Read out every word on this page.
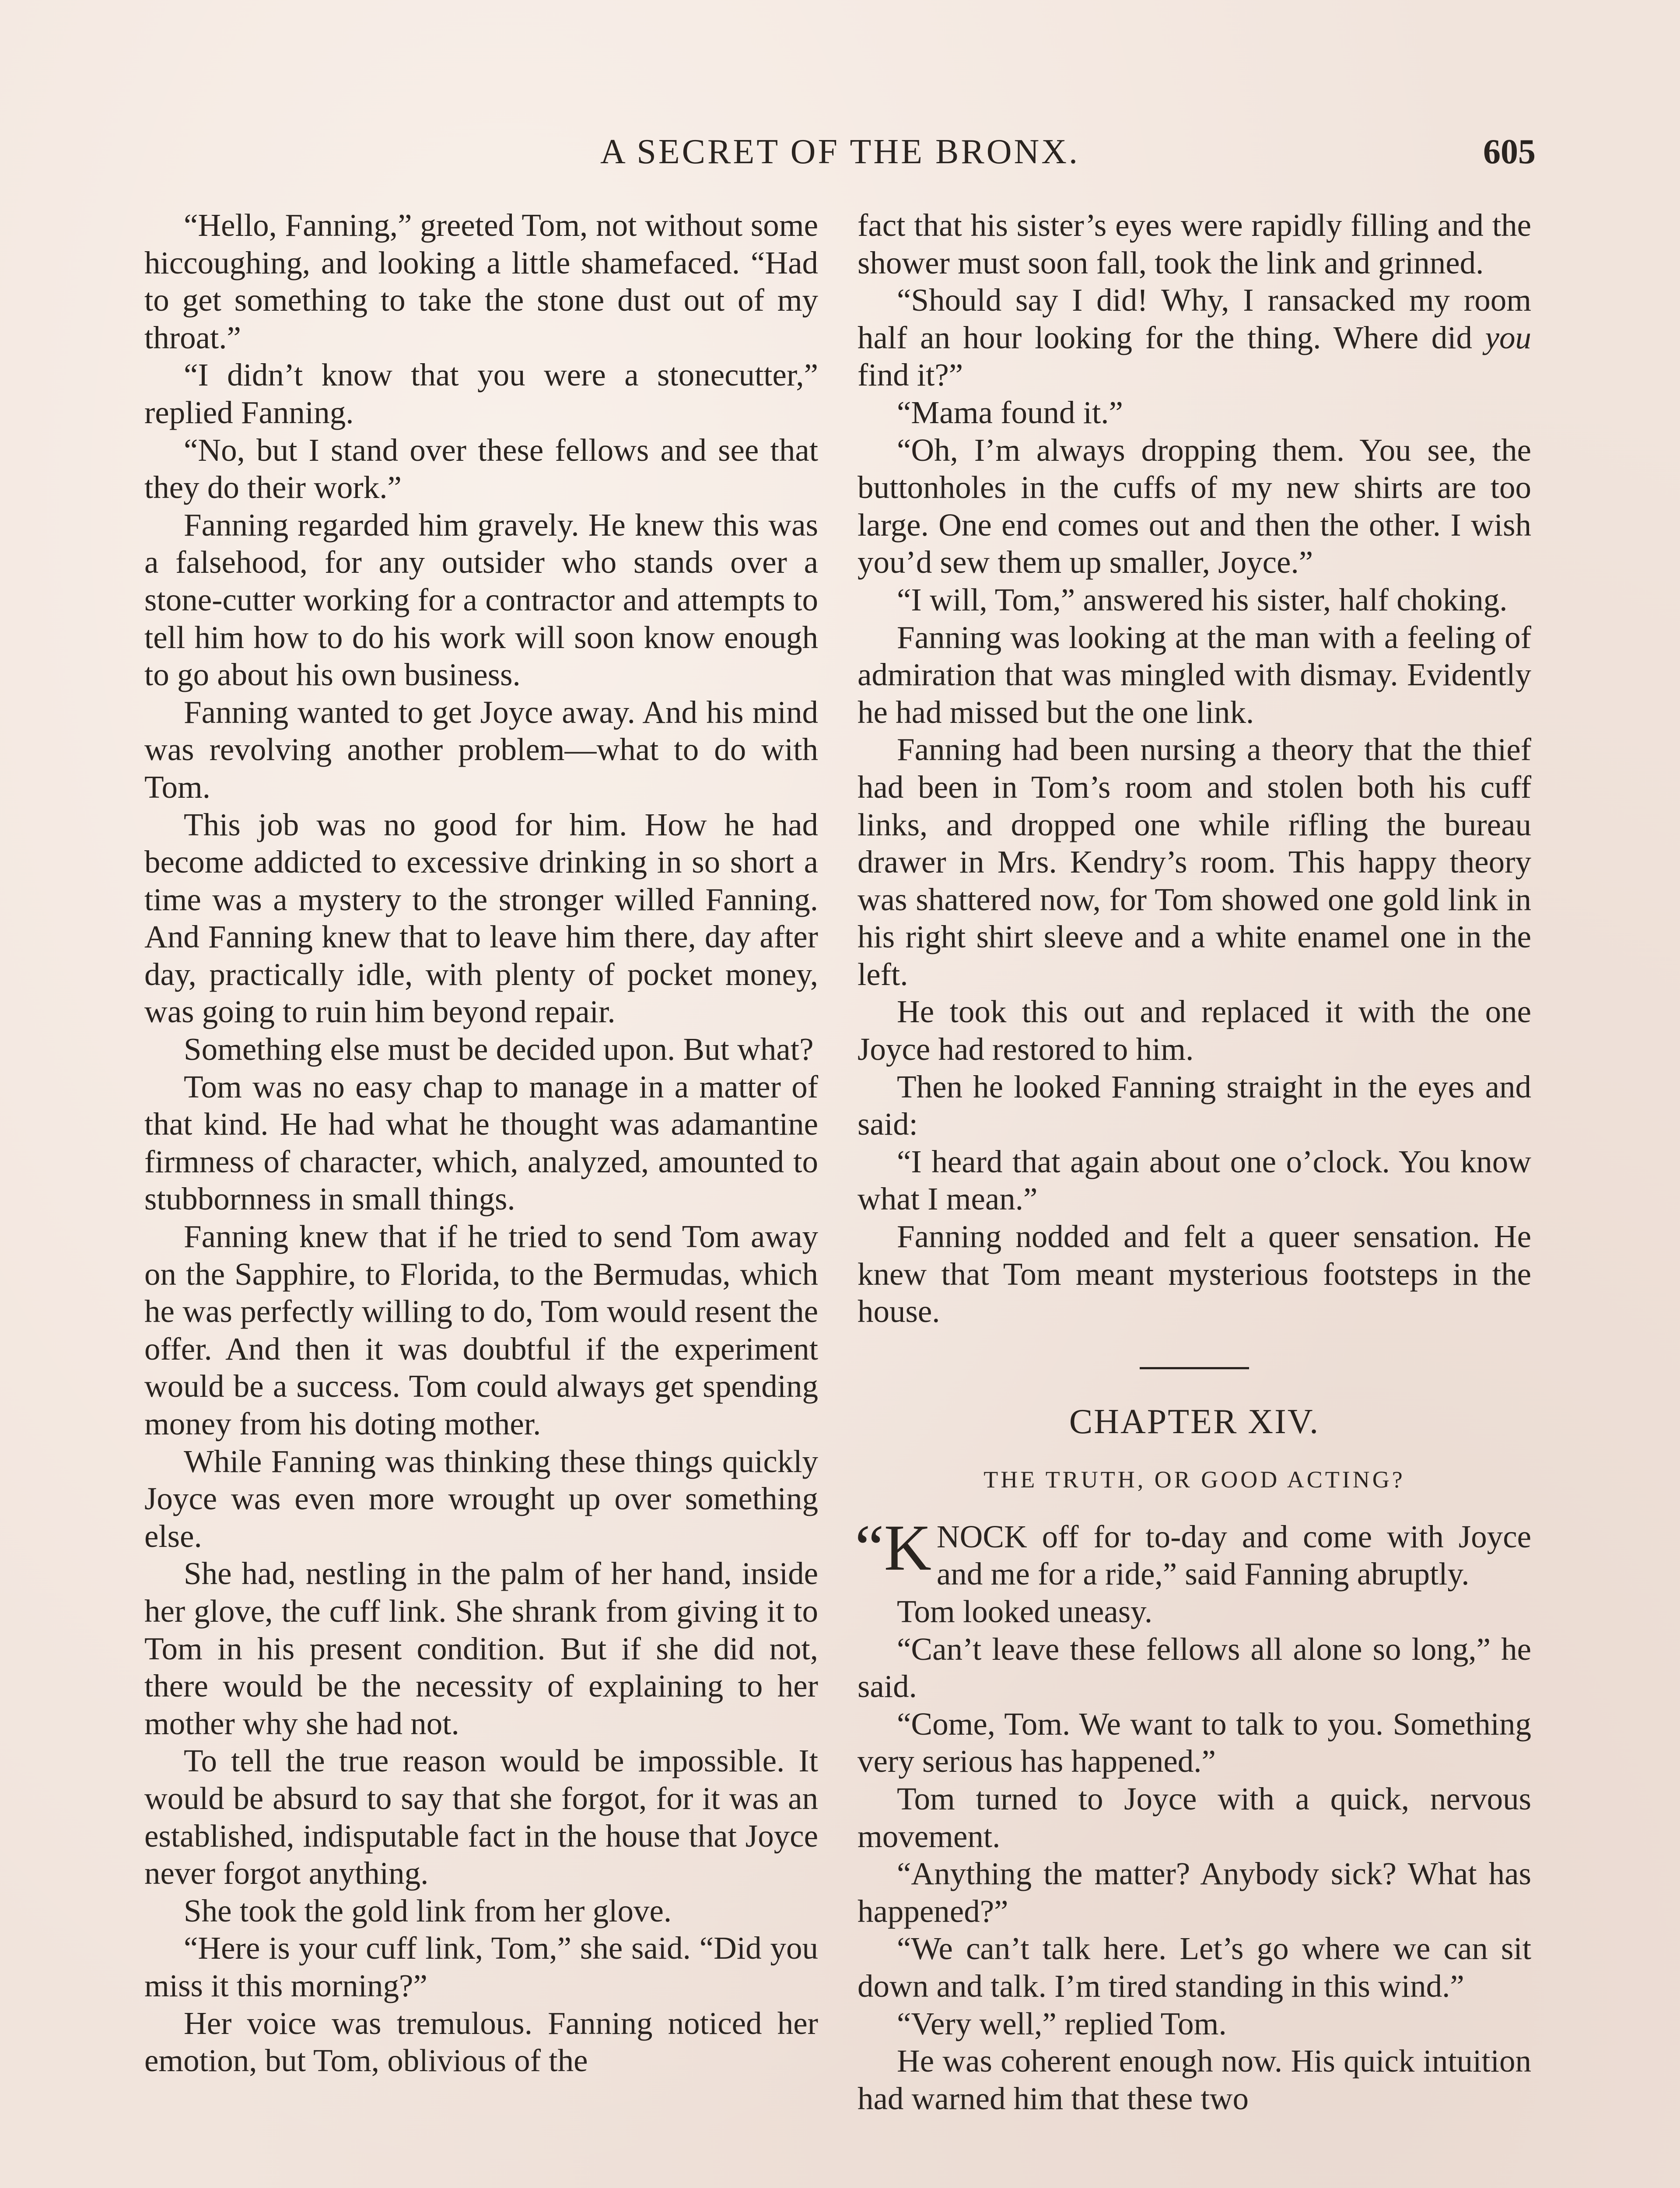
A SECRET OF THE BRONX.	605

“Hello, Fanning,” greeted Tom, not without some hiccoughing, and looking a little shamefaced. “Had to get something to take the stone dust out of my throat.”

“I didn’t know that you were a stonecutter,” replied Fanning.

“No, but I stand over these fellows and see that they do their work.”

Fanning regarded him gravely. He knew this was a falsehood, for any outsider who stands over a stone-cutter working for a contractor and attempts to tell him how to do his work will soon know enough to go about his own business.

Fanning wanted to get Joyce away. And his mind was revolving another problem—what to do with Tom.

This job was no good for him. How he had become addicted to excessive drinking in so short a time was a mystery to the stronger willed Fanning. And Fanning knew that to leave him there, day after day, practically idle, with plenty of pocket money, was going to ruin him beyond repair.

Something else must be decided upon. But what?

Tom was no easy chap to manage in a matter of that kind. He had what he thought was adamantine firmness of character, which, analyzed, amounted to stubbornness in small things.

Fanning knew that if he tried to send Tom away on the Sapphire, to Florida, to the Bermudas, which he was perfectly willing to do, Tom would resent the offer. And then it was doubtful if the experiment would be a success. Tom could always get spending money from his doting mother.

While Fanning was thinking these things quickly Joyce was even more wrought up over something else.

She had, nestling in the palm of her hand, inside her glove, the cuff link. She shrank from giving it to Tom in his present condition. But if she did not, there would be the necessity of explaining to her mother why she had not.

To tell the true reason would be impossible. It would be absurd to say that she forgot, for it was an established, indisputable fact in the house that Joyce never forgot anything.

She took the gold link from her glove.

“Here is your cuff link, Tom,” she said. “Did you miss it this morning?”

Her voice was tremulous. Fanning noticed her emotion, but Tom, oblivious of the

fact that his sister’s eyes were rapidly filling and the shower must soon fall, took the link and grinned.

“Should say I did! Why, I ransacked my room half an hour looking for the thing. Where did you find it?”

“Mama found it.”

“Oh, I’m always dropping them. You see, the buttonholes in the cuffs of my new shirts are too large. One end comes out and then the other. I wish you’d sew them up smaller, Joyce.”

“I will, Tom,” answered his sister, half choking.

Fanning was looking at the man with a feeling of admiration that was mingled with dismay. Evidently he had missed but the one link.

Fanning had been nursing a theory that the thief had been in Tom’s room and stolen both his cuff links, and dropped one while rifling the bureau drawer in Mrs. Kendry’s room. This happy theory was shattered now, for Tom showed one gold link in his right shirt sleeve and a white enamel one in the left.

He took this out and replaced it with the one Joyce had restored to him.

Then he looked Fanning straight in the eyes and said:

“I heard that again about one o’clock. You know what I mean.”

Fanning nodded and felt a queer sensation. He knew that Tom meant mysterious footsteps in the house.

CHAPTER XIV.
THE TRUTH, OR GOOD ACTING?

“K NOCK off for to-day and come with Joyce and me for a ride,” said Fanning abruptly.

Tom looked uneasy.

“Can’t leave these fellows all alone so long,” he said.

“Come, Tom. We want to talk to you. Something very serious has happened.”

Tom turned to Joyce with a quick, nervous movement.

“Anything the matter? Anybody sick? What has happened?”

“We can’t talk here. Let’s go where we can sit down and talk. I’m tired standing in this wind.”

“Very well,” replied Tom.

He was coherent enough now. His quick intuition had warned him that these two
